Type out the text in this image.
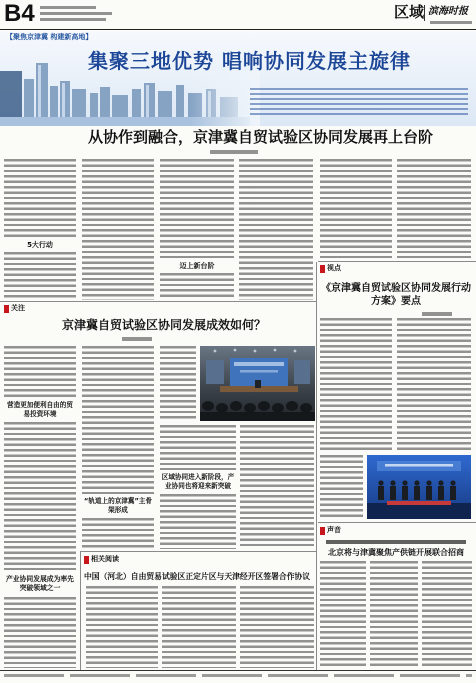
B4	区域 滨海时报
【聚焦京津冀 构建新高地】
集聚三地优势 唱响协同发展主旋律
从协作到融合，京津冀自贸试验区协同发展再上台阶
5大行动
迈上新台阶
关注
京津冀自贸试验区协同发展成效如何？
营造更加便利自由的贸易投资环境
产业协同发展成为率先突破领域之一
“轨道上的京津冀”主骨架形成
区域协同进入新阶段，产业协同也将迎来新突破
视点
《京津冀自贸试验区协同发展行动方案》要点
声音
北京将与津冀聚焦产供链开展联合招商
相关阅读
中国（河北）自由贸易试验区正定片区与天津经开区签署合作协议
